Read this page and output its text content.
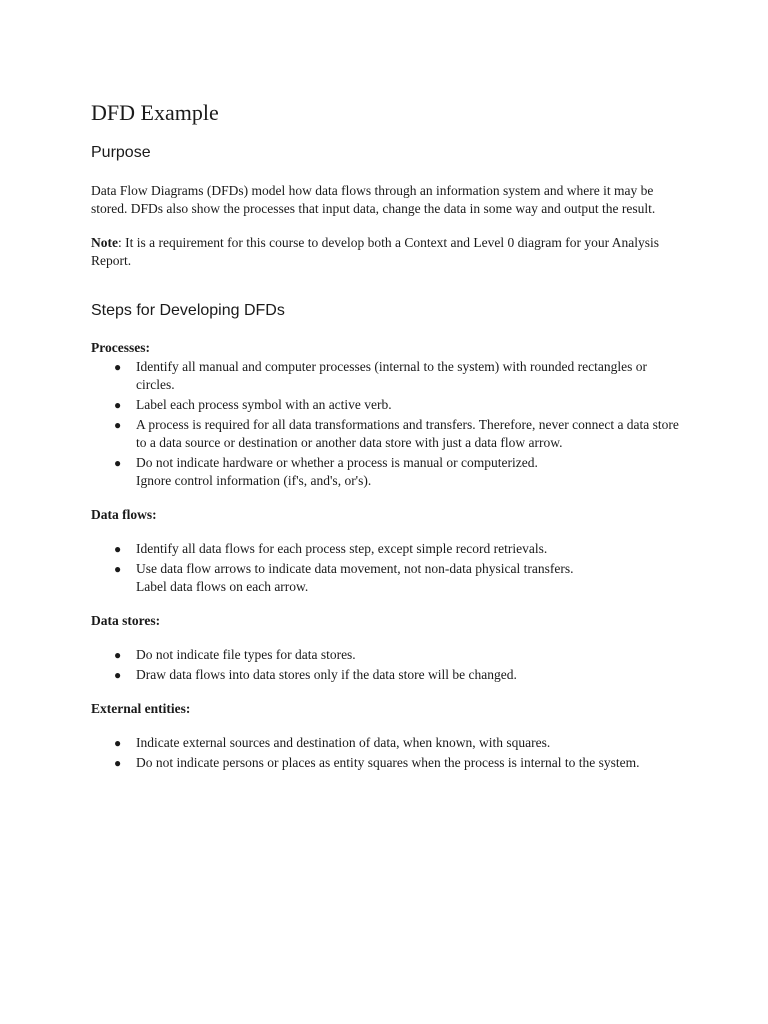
DFD Example
Purpose

Data Flow Diagrams (DFDs) model how data flows through an information system and where it may be stored. DFDs also show the processes that input data, change the data in some way and output the result.

Note: It is a requirement for this course to develop both a Context and Level 0 diagram for your Analysis Report.

Steps for Developing DFDs
Processes:
● Identify all manual and computer processes (internal to the system) with rounded rectangles or circles.
● Label each process symbol with an active verb.
● A process is required for all data transformations and transfers. Therefore, never connect a data store to a data source or destination or another data store with just a data flow arrow.
● Do not indicate hardware or whether a process is manual or computerized.
Ignore control information (if's, and's, or's).
Data flows:
● Identify all data flows for each process step, except simple record retrievals.
● Use data flow arrows to indicate data movement, not non-data physical transfers.
Label data flows on each arrow.
Data stores:
● Do not indicate file types for data stores.
● Draw data flows into data stores only if the data store will be changed.
External entities:
● Indicate external sources and destination of data, when known, with squares.
● Do not indicate persons or places as entity squares when the process is internal to the system.
